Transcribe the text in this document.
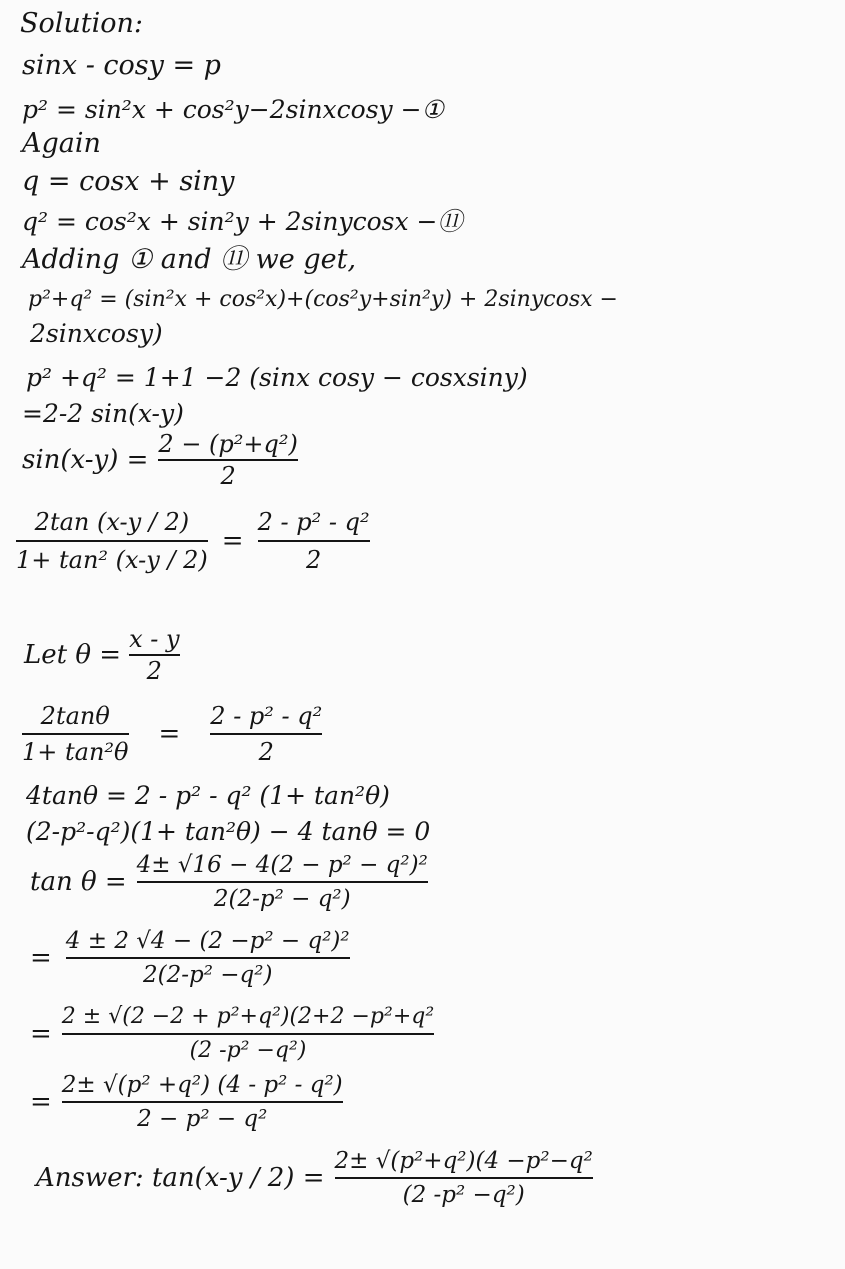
Solution:
sinx - cosy = p
p² = sin²x + cos²y−2sinxcosy −①
Again
q = cosx + siny
q² = cos²x + sin²y + 2sinycosx −⑪
Adding ① and ⑪ we get,
p²+q² = (sin²x + cos²x)+(cos²y+sin²y) + 2sinycosx −
2sinxcosy)
p² +q² = 1+1 −2 (sinx cosy − cosxsiny)
=2-2 sin(x-y)
$\sin(x-y) = \frac{\text{2 − (p²+q²)}}{2}$
$\frac{2\tan (x-y / 2)}{\text{1+ tan² (x-y / 2)}} = \frac{\text{2 - p² - q²}}{2}$
Let $\theta = \frac{x - y}{2}$
$\frac{2\tan\theta}{\text{1+ tan²θ}}$	=	$\frac{\text{2 - p² - q²}}{2}$
4tanθ = 2 - p² - q² (1+ tan²θ)
(2-p²-q²)(1+ tan²θ) − 4 tanθ = 0
$\tan \theta = \frac{\text{4± √16 − 4(2 − p² − q²)²}}{\text{2(2-p² − q²)}}$
= $\frac{\text{4 ± 2 √4 − (2 −p² − q²)²}}{\text{2(2-p² −q²)}}$
= $\frac{\text{2 ± √(2 −2 + p²+q²)(2+2 −p²+q²}}{\text{(2 -p² −q²)}}$
= $\frac{\text{2± √(p² +q²) (4 - p² - q²)}}{\text{2 − p² − q²}}$
Answer: $\tan(x-y / 2) = \frac{\text{2± √(p²+q²)(4 −p²−q²}}{\text{(2 -p² −q²)}}$
